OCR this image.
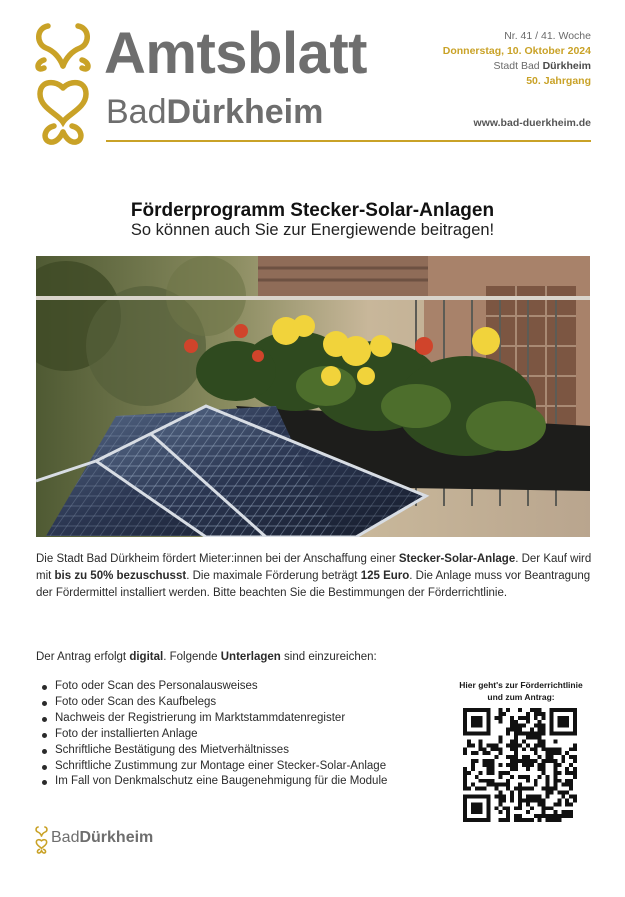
Amtsblatt
BadDürkheim
Nr. 41 / 41. Woche
Donnerstag, 10. Oktober 2024
Stadt Bad Dürkheim
50. Jahrgang
www.bad-duerkheim.de
Förderprogramm Stecker-Solar-Anlagen
So können auch Sie zur Energiewende beitragen!
Die Stadt Bad Dürkheim fördert Mieter:innen bei der Anschaffung einer Stecker-Solar-Anlage. Der Kauf wird mit bis zu 50% bezuschusst. Die maximale Förderung beträgt 125 Euro. Die Anlage muss vor Beantragung der Fördermittel installiert werden. Bitte beachten Sie die Bestimmungen der Förderrichtlinie.
Der Antrag erfolgt digital. Folgende Unterlagen sind einzureichen:
Foto oder Scan des Personalausweises
Foto oder Scan des Kaufbelegs
Nachweis der Registrierung im Marktstammdatenregister
Foto der installierten Anlage
Schriftliche Bestätigung des Mietverhältnisses
Schriftliche Zustimmung zur Montage einer Stecker-Solar-Anlage
Im Fall von Denkmalschutz eine Baugenehmigung für die Module
Hier geht's zur Förderrichtlinie
und zum Antrag:
BadDürkheim
